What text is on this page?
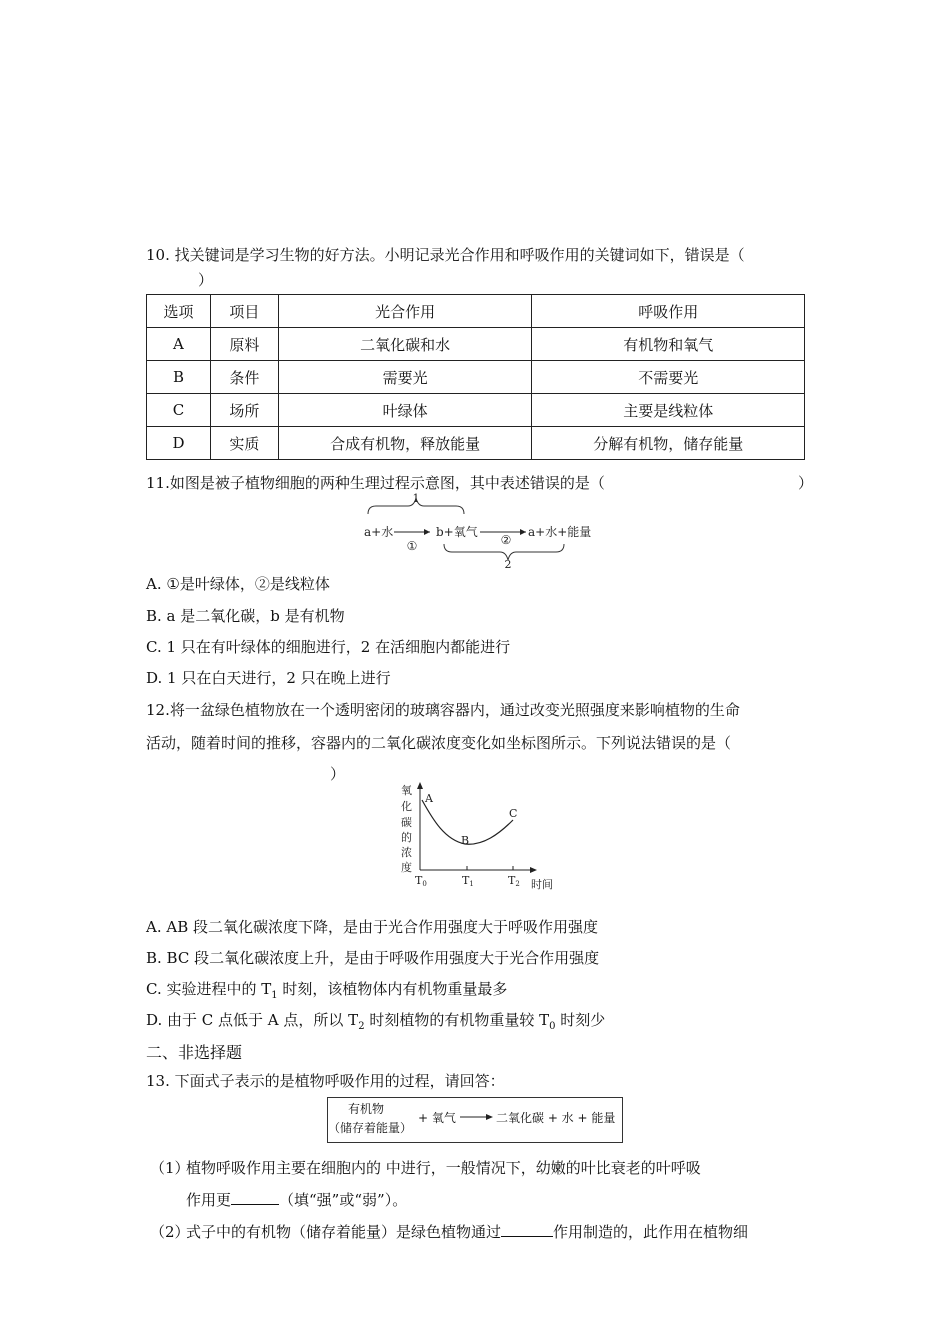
10. 找关键词是学习生物的好方法。小明记录光合作用和呼吸作用的关键词如下，错误是（
）
选项	项目	光合作用	呼吸作用
A	原料	二氧化碳和水	有机物和氧气
B	条件	需要光	不需要光
C	场所	叶绿体	主要是线粒体
D	实质	合成有机物，释放能量	分解有机物，储存能量
11.如图是被子植物细胞的两种生理过程示意图，其中表述错误的是（	）
1
a+水
①
b+氧气
②
a+水+能量
2
A. ①是叶绿体，②是线粒体
B. a 是二氧化碳，b 是有机物
C. 1 只在有叶绿体的细胞进行，2 在活细胞内都能进行
D. 1 只在白天进行，2 只在晚上进行
12.将一盆绿色植物放在一个透明密闭的玻璃容器内，通过改变光照强度来影响植物的生命
活动，随着时间的推移，容器内的二氧化碳浓度变化如坐标图所示。下列说法错误的是（
）
氧
化
碳
的
浓
度
A
B
C
T0	T1	T2 时间
A. AB 段二氧化碳浓度下降，是由于光合作用强度大于呼吸作用强度
B. BC 段二氧化碳浓度上升，是由于呼吸作用强度大于光合作用强度
C. 实验进程中的 $T_1$ 时刻，该植物体内有机物重量最多
D. 由于 C 点低于 A 点，所以 $T_2$ 时刻植物的有机物重量较 $T_0$ 时刻少
二、非选择题
13. 下面式子表示的是植物呼吸作用的过程，请回答：
有机物
（储存着能量）
+ 氧气	二氧化碳 + 水 + 能量
（1）
植物呼吸作用主要在细胞内的 中进行，一般情况下，幼嫩的叶比衰老的叶呼吸
作用更	（填“强”或“弱”）。
（2）
式子中的有机物（储存着能量）是绿色植物通过	作用制造的，此作用在植物细
